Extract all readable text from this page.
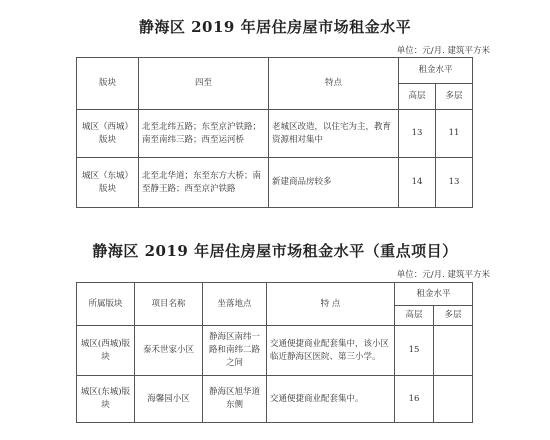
静海区 2019 年居住房屋市场租金水平
单位：元/月. 建筑平方米
版块	四至	特点	租金水平	
			高层	多层
城区（西城）版块	北至北纬五路；东至京沪铁路；南至南纬三路；西至运河桥	老城区改造，以住宅为主，教育资源相对集中	13	11
城区（东城）版块	北至北华道；东至东方大桥；南至静王路；西至京沪铁路	新建商品房较多	14	13
静海区 2019 年居住房屋市场租金水平（重点项目）
单位：元/月. 建筑平方米
所属版块	项目名称	坐落地点	特 点	租金水平	
				高层	多层
城区(西城)版块	泰禾世家小区	静海区南纬一路和南纬二路之间	交通便捷商业配套集中，该小区临近静海区医院、第三小学。	15	
城区(东城)版块	海馨园小区	静海区旭华道东侧	交通便捷商业配套集中。	16	
